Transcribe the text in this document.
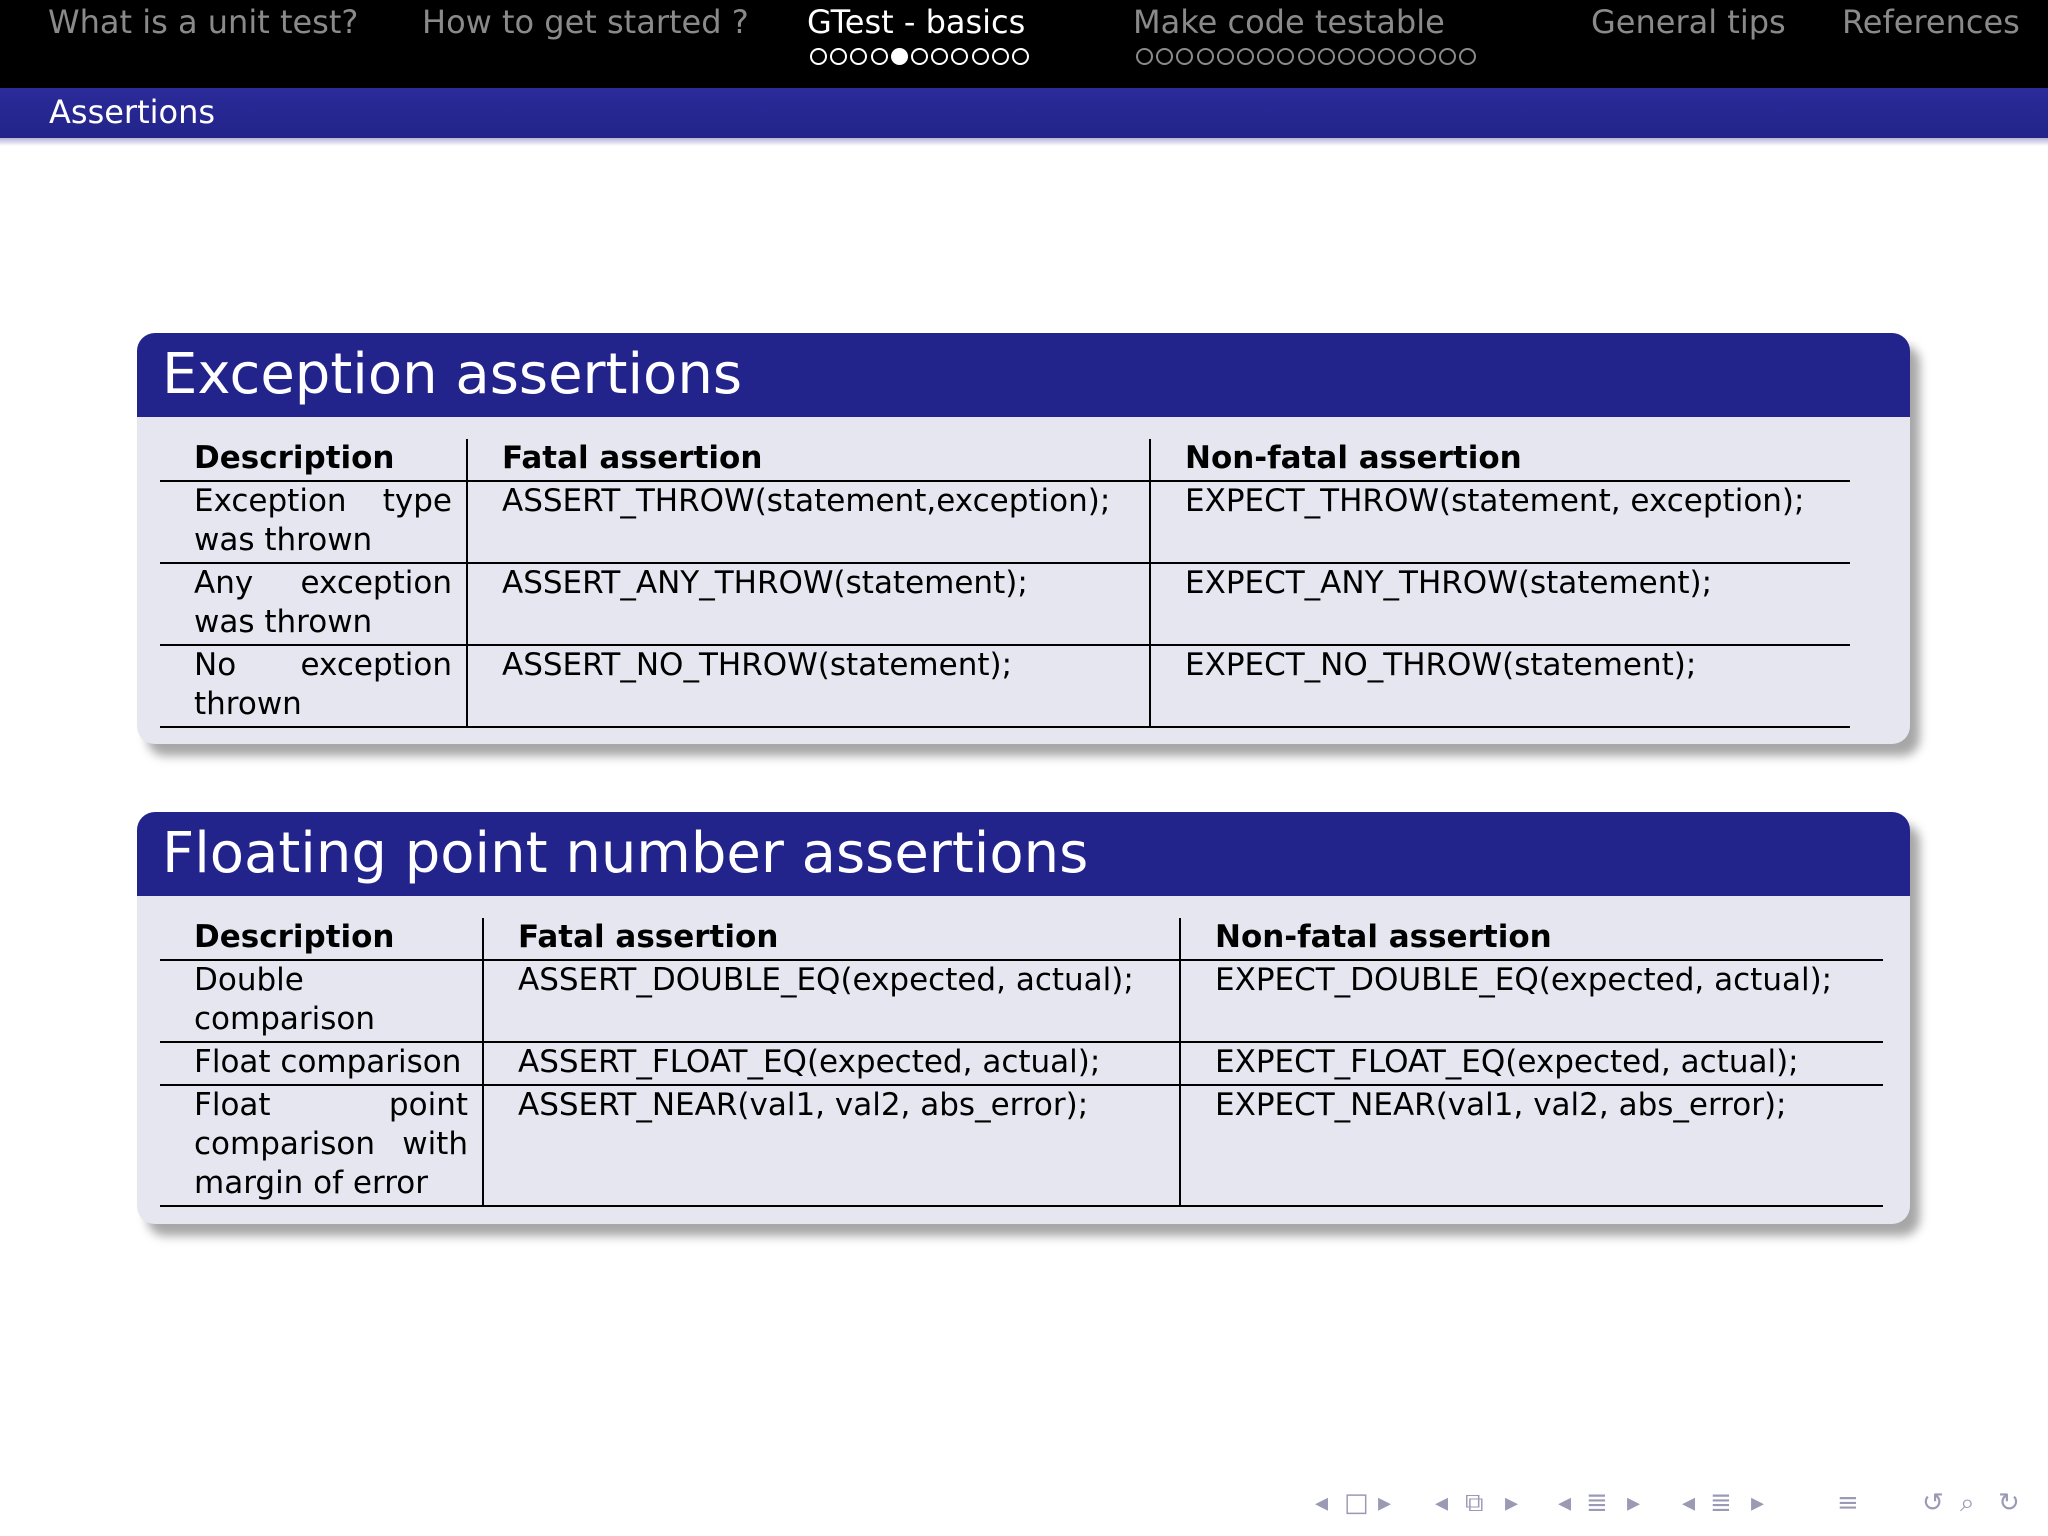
What is a unit test? How to get started ? GTest - basics	Make code testable	General tips References
Assertions
Exception assertions
Description	Fatal assertion	Non-fatal assertion
Exception type was thrown	ASSERT_THROW(statement,exception);	EXPECT_THROW(statement, exception);
Any exception was thrown	ASSERT_ANY_THROW(statement);	EXPECT_ANY_THROW(statement);
No exception thrown	ASSERT_NO_THROW(statement);	EXPECT_NO_THROW(statement);
Floating point number assertions
Description	Fatal assertion	Non-fatal assertion
Double comparison	ASSERT_DOUBLE_EQ(expected, actual);	EXPECT_DOUBLE_EQ(expected, actual);
Float comparison	ASSERT_FLOAT_EQ(expected, actual);	EXPECT_FLOAT_EQ(expected, actual);
Float point comparison with margin of error	ASSERT_NEAR(val1, val2, abs_error);	EXPECT_NEAR(val1, val2, abs_error);
◂ □ ▸ ◂ ⧉ ▸ ◂ ≣ ▸ ◂ ≣ ▸	≡ ↺ ⌕ ↻
